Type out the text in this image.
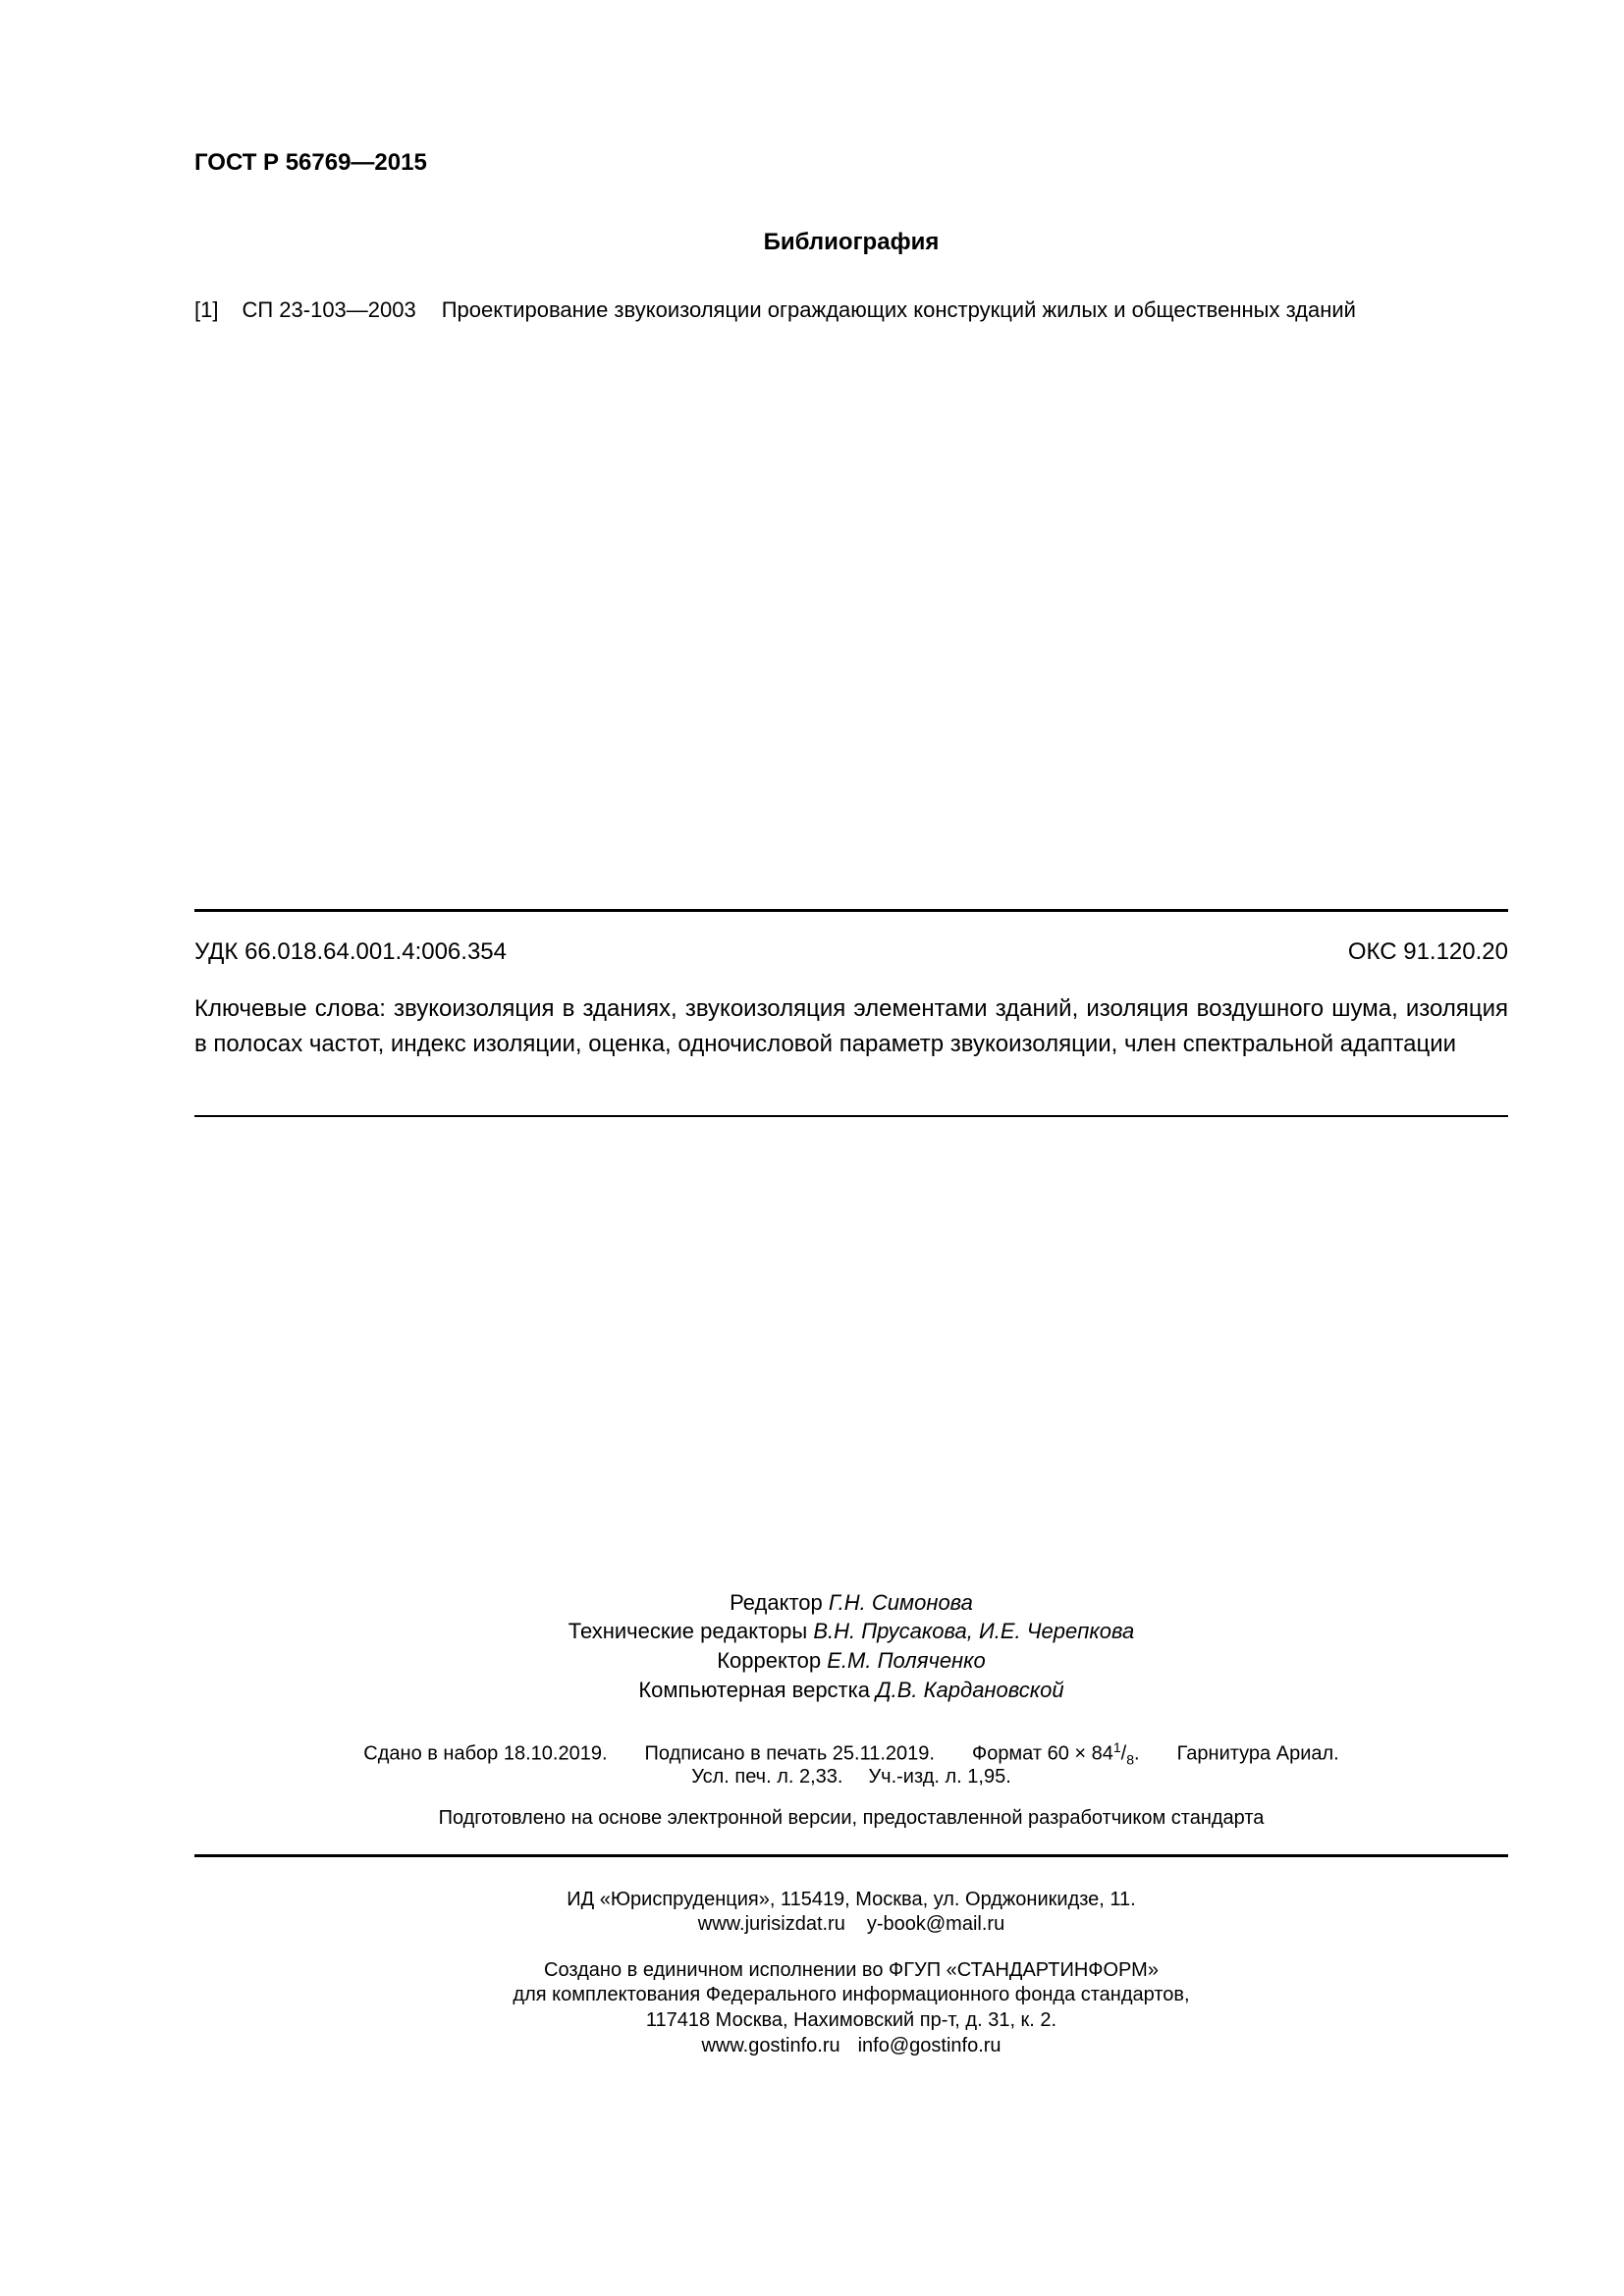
ГОСТ Р 56769—2015
Библиография
[1] СП 23-103—2003 Проектирование звукоизоляции ограждающих конструкций жилых и общественных зданий
УДК 66.018.64.001.4:006.354	ОКС 91.120.20
Ключевые слова: звукоизоляция в зданиях, звукоизоляция элементами зданий, изоляция воздушного шума, изоляция в полосах частот, индекс изоляции, оценка, одночисловой параметр звукоизоляции, член спектральной адаптации
Редактор Г.Н. Симонова
Технические редакторы В.Н. Прусакова, И.Е. Черепкова
Корректор Е.М. Поляченко
Компьютерная верстка Д.В. Кардановской
Сдано в набор 18.10.2019. Подписано в печать 25.11.2019. Формат $60 \times 84^1/_8$. Гарнитура Ариал.
Усл. печ. л. 2,33. Уч.-изд. л. 1,95.
Подготовлено на основе электронной версии, предоставленной разработчиком стандарта
ИД «Юриспруденция», 115419, Москва, ул. Орджоникидзе, 11.
www.jurisizdat.ru y-book@mail.ru
Создано в единичном исполнении во ФГУП «СТАНДАРТИНФОРМ»
для комплектования Федерального информационного фонда стандартов,
117418 Москва, Нахимовский пр-т, д. 31, к. 2.
www.gostinfo.ru info@gostinfo.ru
